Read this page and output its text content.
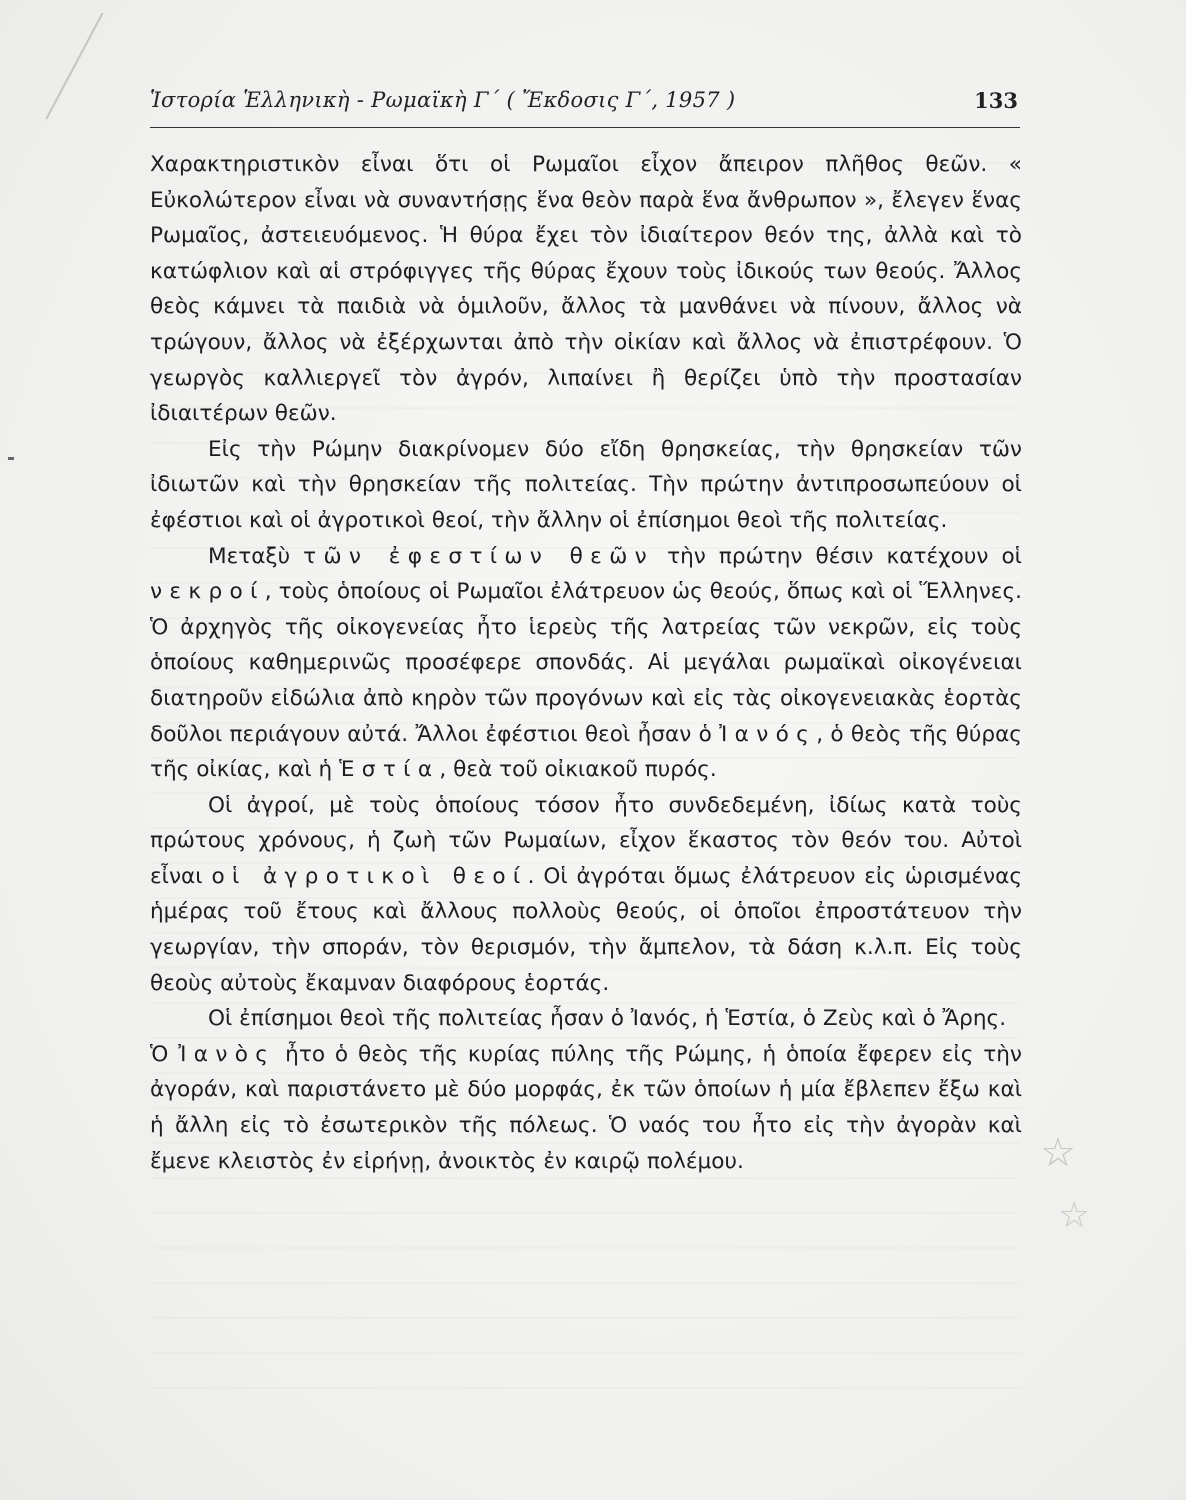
☆
☆
Ἱστορία Ἑλληνικὴ - Ρωμαϊκὴ Γ΄ ( Ἔκδοσις Γ΄, 1957 )	133

Χαρακτηριστικὸν εἶναι ὅτι οἱ Ρωμαῖοι εἶχον ἄπειρον πλῆθος θεῶν. « Εὐκολώτερον εἶναι νὰ συναντήσῃς ἕνα θεὸν παρὰ ἕνα ἄνθρωπον », ἔλεγεν ἕνας Ρωμαῖος, ἀστειευόμενος. Ἡ θύρα ἔχει τὸν ἰδιαίτερον θεόν της, ἀλλὰ καὶ τὸ κατώφλιον καὶ αἱ στρόφιγγες τῆς θύρας ἔχουν τοὺς ἰδικούς των θεούς. Ἄλλος θεὸς κάμνει τὰ παιδιὰ νὰ ὁμιλοῦν, ἄλλος τὰ μανθάνει νὰ πίνουν, ἄλλος νὰ τρώγουν, ἄλλος νὰ ἐξέρχωνται ἀπὸ τὴν οἰκίαν καὶ ἄλλος νὰ ἐπιστρέφουν. Ὁ γεωργὸς καλλιεργεῖ τὸν ἀγρόν, λιπαίνει ἢ θερίζει ὑπὸ τὴν προστασίαν ἰδιαιτέρων θεῶν.

Εἰς τὴν Ρώμην διακρίνομεν δύο εἴδη θρησκείας, τὴν θρησκείαν τῶν ἰδιωτῶν καὶ τὴν θρησκείαν τῆς πολιτείας. Τὴν πρώτην ἀντιπροσωπεύουν οἱ ἐφέστιοι καὶ οἱ ἀγροτικοὶ θεοί, τὴν ἄλλην οἱ ἐπίσημοι θεοὶ τῆς πολιτείας.

Μεταξὺ τῶν ἐφεστίων θεῶν τὴν πρώτην θέσιν κατέχουν οἱ νεκροί, τοὺς ὁποίους οἱ Ρωμαῖοι ἐλάτρευον ὡς θεούς, ὅπως καὶ οἱ Ἕλληνες. Ὁ ἀρχηγὸς τῆς οἰκογενείας ἦτο ἱερεὺς τῆς λατρείας τῶν νεκρῶν, εἰς τοὺς ὁποίους καθημερινῶς προσέφερε σπονδάς. Αἱ μεγάλαι ρωμαϊκαὶ οἰκογένειαι διατηροῦν εἰδώλια ἀπὸ κηρὸν τῶν προγόνων καὶ εἰς τὰς οἰκογενειακὰς ἑορτὰς δοῦλοι περιάγουν αὐτά. Ἄλλοι ἐφέστιοι θεοὶ ἦσαν ὁ Ἰανός, ὁ θεὸς τῆς θύρας τῆς οἰκίας, καὶ ἡ Ἑστία, θεὰ τοῦ οἰκιακοῦ πυρός.

Οἱ ἀγροί, μὲ τοὺς ὁποίους τόσον ἦτο συνδεδεμένη, ἰδίως κατὰ τοὺς πρώτους χρόνους, ἡ ζωὴ τῶν Ρωμαίων, εἶχον ἕκαστος τὸν θεόν του. Αὐτοὶ εἶναι οἱ ἀγροτικοὶ θεοί. Οἱ ἀγρόται ὅμως ἐλάτρευον εἰς ὡρισμένας ἡμέρας τοῦ ἔτους καὶ ἄλλους πολλοὺς θεούς, οἱ ὁποῖοι ἐπροστάτευον τὴν γεωργίαν, τὴν σποράν, τὸν θερισμόν, τὴν ἄμπελον, τὰ δάση κ.λ.π. Εἰς τοὺς θεοὺς αὐτοὺς ἔκαμναν διαφόρους ἑορτάς.

Οἱ ἐπίσημοι θεοὶ τῆς πολιτείας ἦσαν ὁ Ἰανός, ἡ Ἑστία, ὁ Ζεὺς καὶ ὁ Ἄρης.

Ὁ Ἰανὸς ἦτο ὁ θεὸς τῆς κυρίας πύλης τῆς Ρώμης, ἡ ὁποία ἔφερεν εἰς τὴν ἀγοράν, καὶ παριστάνετο μὲ δύο μορφάς, ἐκ τῶν ὁποίων ἡ μία ἔβλεπεν ἔξω καὶ ἡ ἄλλη εἰς τὸ ἐσωτερικὸν τῆς πόλεως. Ὁ ναός του ἦτο εἰς τὴν ἀγορὰν καὶ ἔμενε κλειστὸς ἐν εἰρήνῃ, ἀνοικτὸς ἐν καιρῷ πολέμου.
